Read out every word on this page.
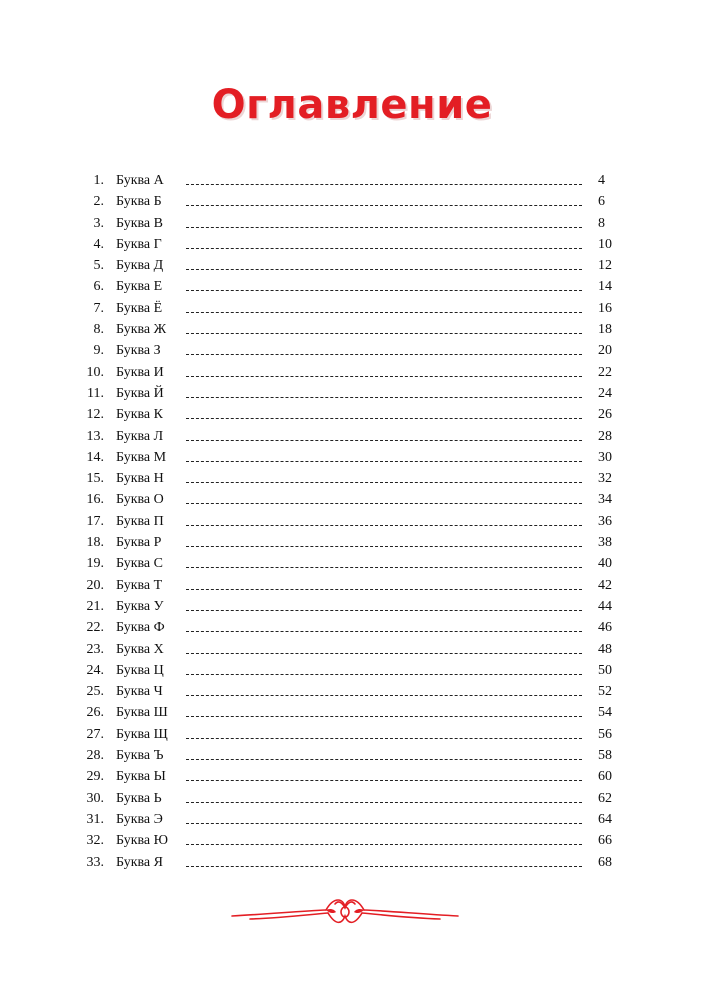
Оглавление
1. Буква А	4
2. Буква Б	6
3. Буква В	8
4. Буква Г	10
5. Буква Д	12
6. Буква Е	14
7. Буква Ё	16
8. Буква Ж	18
9. Буква З	20
10. Буква И	22
11. Буква Й	24
12. Буква К	26
13. Буква Л	28
14. Буква М	30
15. Буква Н	32
16. Буква О	34
17. Буква П	36
18. Буква Р	38
19. Буква С	40
20. Буква Т	42
21. Буква У	44
22. Буква Ф	46
23. Буква Х	48
24. Буква Ц	50
25. Буква Ч	52
26. Буква Ш	54
27. Буква Щ	56
28. Буква Ъ	58
29. Буква Ы	60
30. Буква Ь	62
31. Буква Э	64
32. Буква Ю	66
33. Буква Я	68
